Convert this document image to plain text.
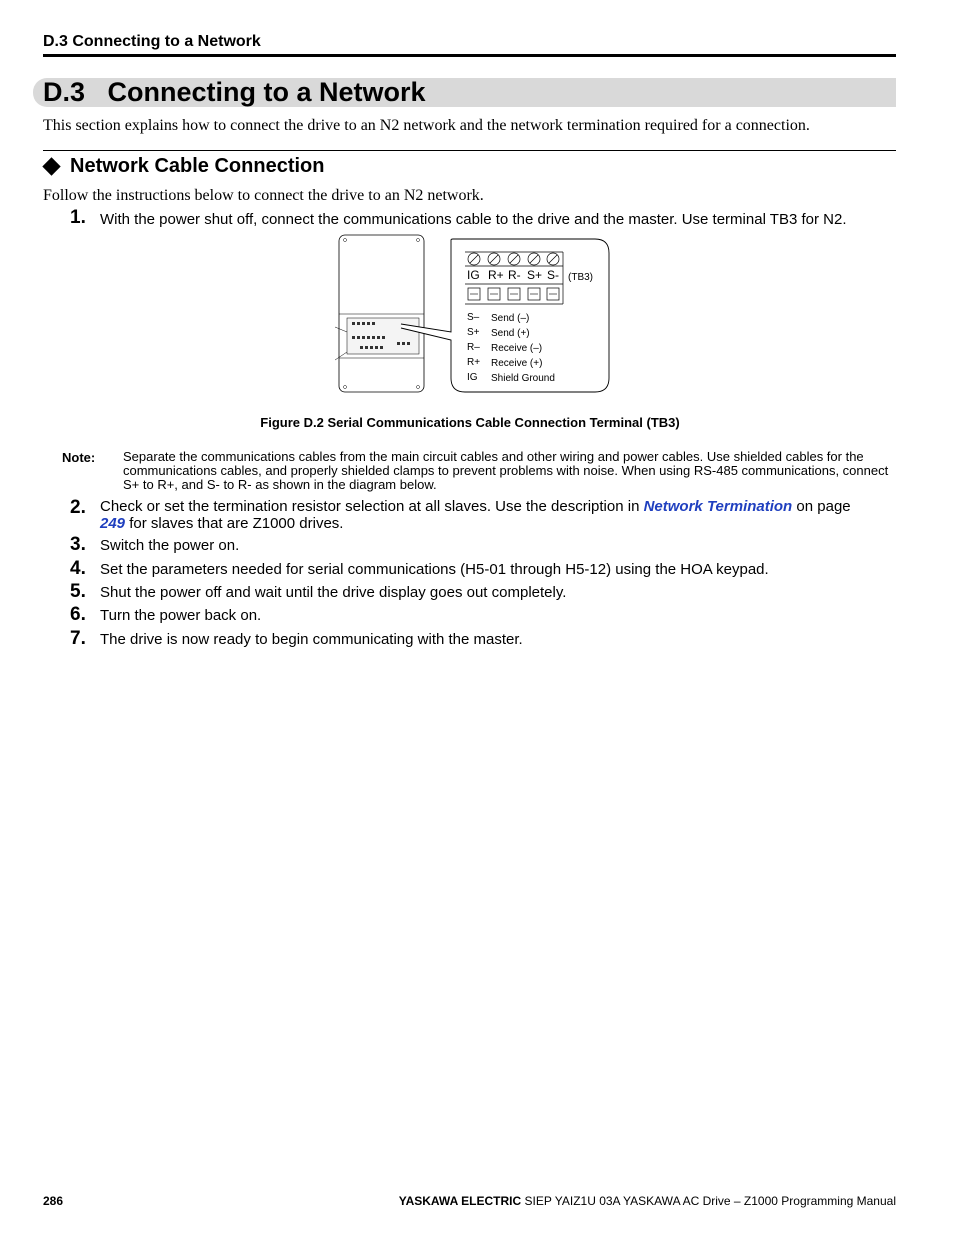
D.3 Connecting to a Network
D.3 Connecting to a Network
This section explains how to connect the drive to an N2 network and the network termination required for a connection.
Network Cable Connection
Follow the instructions below to connect the drive to an N2 network.
1. With the power shut off, connect the communications cable to the drive and the master. Use terminal TB3 for N2.
IG R+ R- S+ S- (TB3)
S– Send (–)
S+ Send (+)
R– Receive (–)
R+ Receive (+)
IG Shield Ground
Figure D.2 Serial Communications Cable Connection Terminal (TB3)
Note: Separate the communications cables from the main circuit cables and other wiring and power cables. Use shielded cables for the communications cables, and properly shielded clamps to prevent problems with noise. When using RS-485 communications, connect S+ to R+, and S- to R- as shown in the diagram below.
2. Check or set the termination resistor selection at all slaves. Use the description in Network Termination on page
249 for slaves that are Z1000 drives.
3. Switch the power on.
4. Set the parameters needed for serial communications (H5-01 through H5-12) using the HOA keypad.
5. Shut the power off and wait until the drive display goes out completely.
6. Turn the power back on.
7. The drive is now ready to begin communicating with the master.
286	YASKAWA ELECTRIC SIEP YAIZ1U 03A YASKAWA AC Drive – Z1000 Programming Manual
